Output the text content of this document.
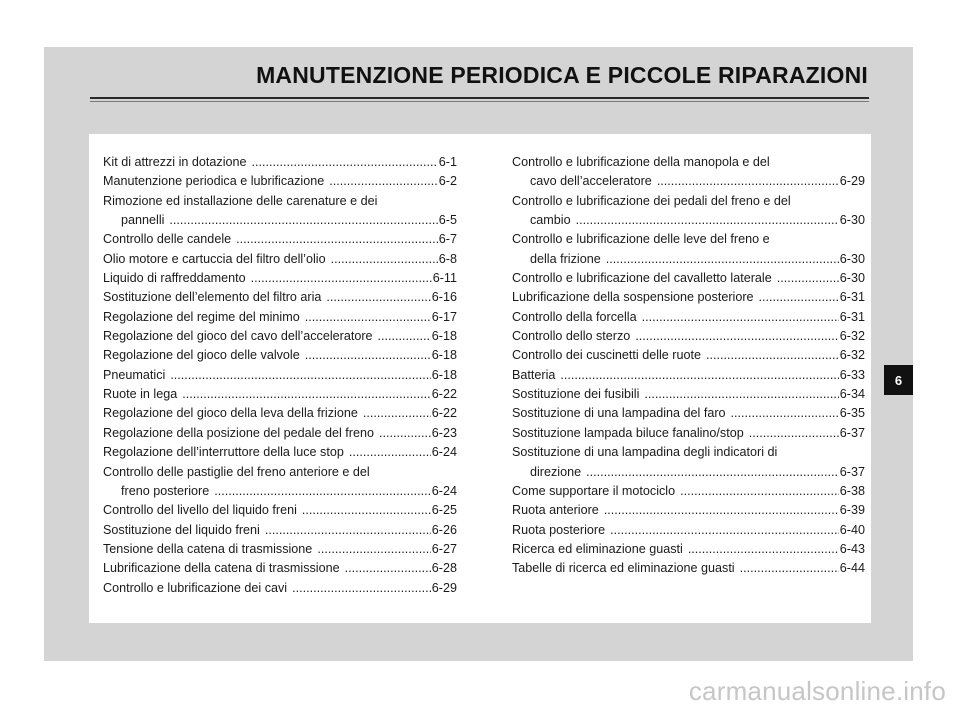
MANUTENZIONE PERIODICA E PICCOLE RIPARAZIONI
Kit di attrezzi in dotazione .....	6-1
Manutenzione periodica e lubrificazione .....	6-2
Rimozione ed installazione delle carenature e dei
pannelli .....	6-5
Controllo delle candele .....	6-7
Olio motore e cartuccia del filtro dell’olio .....	6-8
Liquido di raffreddamento .....	6-11
Sostituzione dell’elemento del filtro aria .....	6-16
Regolazione del regime del minimo .....	6-17
Regolazione del gioco del cavo dell’acceleratore .....	6-18
Regolazione del gioco delle valvole .....	6-18
Pneumatici .....	6-18
Ruote in lega .....	6-22
Regolazione del gioco della leva della frizione .....	6-22
Regolazione della posizione del pedale del freno .....	6-23
Regolazione dell’interruttore della luce stop .....	6-24
Controllo delle pastiglie del freno anteriore e del
freno posteriore .....	6-24
Controllo del livello del liquido freni .....	6-25
Sostituzione del liquido freni .....	6-26
Tensione della catena di trasmissione .....	6-27
Lubrificazione della catena di trasmissione .....	6-28
Controllo e lubrificazione dei cavi .....	6-29
Controllo e lubrificazione della manopola e del
cavo dell’acceleratore .....	6-29
Controllo e lubrificazione dei pedali del freno e del
cambio .....	6-30
Controllo e lubrificazione delle leve del freno e
della frizione .....	6-30
Controllo e lubrificazione del cavalletto laterale .....	6-30
Lubrificazione della sospensione posteriore .....	6-31
Controllo della forcella .....	6-31
Controllo dello sterzo .....	6-32
Controllo dei cuscinetti delle ruote .....	6-32
Batteria .....	6-33
Sostituzione dei fusibili .....	6-34
Sostituzione di una lampadina del faro .....	6-35
Sostituzione lampada biluce fanalino/stop .....	6-37
Sostituzione di una lampadina degli indicatori di
direzione .....	6-37
Come supportare il motociclo .....	6-38
Ruota anteriore .....	6-39
Ruota posteriore .....	6-40
Ricerca ed eliminazione guasti .....	6-43
Tabelle di ricerca ed eliminazione guasti .....	6-44
6
carmanualsonline.info
